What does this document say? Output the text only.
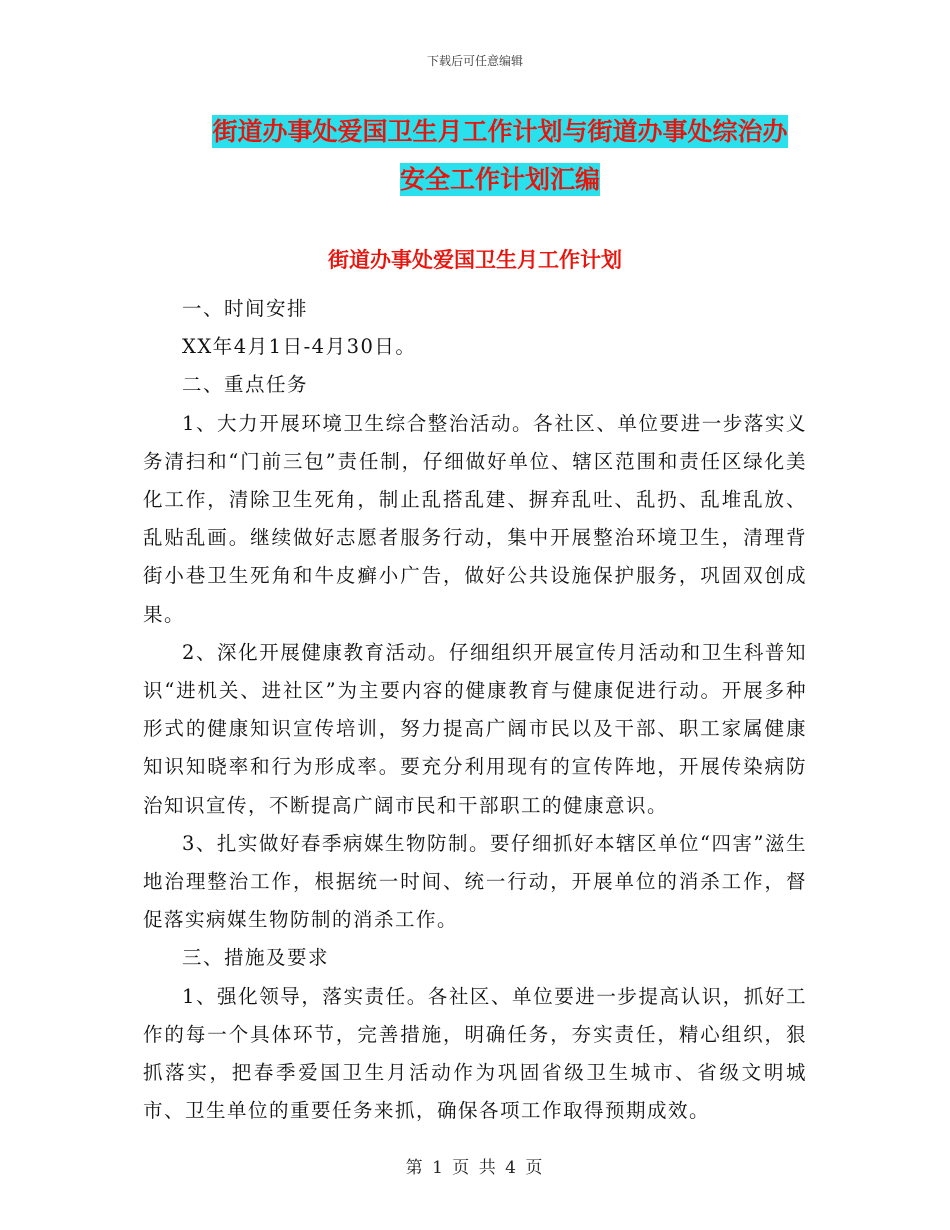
下载后可任意编辑
街道办事处爱国卫生月工作计划与街道办事处综治办
安全工作计划汇编
街道办事处爱国卫生月工作计划

一、时间安排

XX年4月1日-4月30日。

二、重点任务

1、大力开展环境卫生综合整治活动。各社区、单位要进一步落实义务清扫和“门前三包”责任制，仔细做好单位、辖区范围和责任区绿化美化工作，清除卫生死角，制止乱搭乱建、摒弃乱吐、乱扔、乱堆乱放、乱贴乱画。继续做好志愿者服务行动，集中开展整治环境卫生，清理背街小巷卫生死角和牛皮癣小广告，做好公共设施保护服务，巩固双创成果。

2、深化开展健康教育活动。仔细组织开展宣传月活动和卫生科普知识“进机关、进社区”为主要内容的健康教育与健康促进行动。开展多种形式的健康知识宣传培训，努力提高广阔市民以及干部、职工家属健康知识知晓率和行为形成率。要充分利用现有的宣传阵地，开展传染病防治知识宣传，不断提高广阔市民和干部职工的健康意识。

3、扎实做好春季病媒生物防制。要仔细抓好本辖区单位“四害”滋生地治理整治工作，根据统一时间、统一行动，开展单位的消杀工作，督促落实病媒生物防制的消杀工作。

三、措施及要求

1、强化领导，落实责任。各社区、单位要进一步提高认识，抓好工作的每一个具体环节，完善措施，明确任务，夯实责任，精心组织，狠抓落实，把春季爱国卫生月活动作为巩固省级卫生城市、省级文明城市、卫生单位的重要任务来抓，确保各项工作取得预期成效。

第 1 页 共 4 页
